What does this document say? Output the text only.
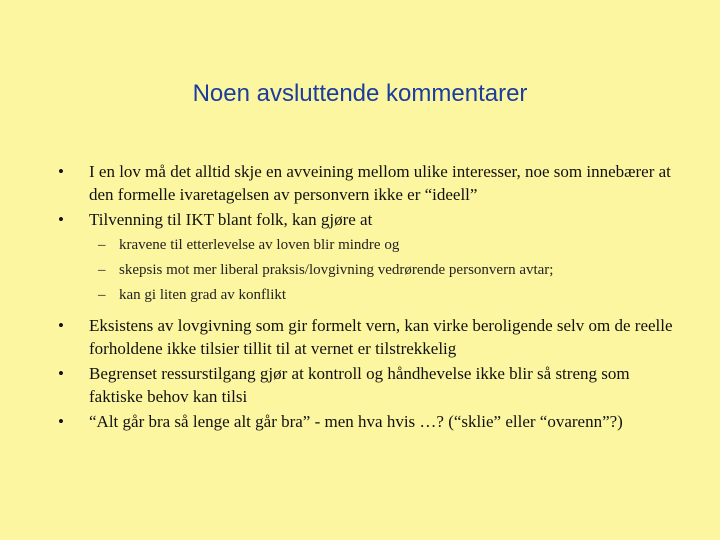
Noen avsluttende kommentarer
• I en lov må det alltid skje en avveining mellom ulike interesser, noe som innebærer at den formelle ivaretagelsen av personvern ikke er “ideell”
• Tilvenning til IKT blant folk, kan gjøre at
– kravene til etterlevelse av loven blir mindre og
– skepsis mot mer liberal praksis/lovgivning vedrørende personvern avtar;
– kan gi liten grad av konflikt
• Eksistens av lovgivning som gir formelt vern, kan virke beroligende selv om de reelle forholdene ikke tilsier tillit til at vernet er tilstrekkelig
• Begrenset ressurstilgang gjør at kontroll og håndhevelse ikke blir så streng som faktiske behov kan tilsi
• “Alt går bra så lenge alt går bra” - men hva hvis …? (“sklie” eller “ovarenn”?)
